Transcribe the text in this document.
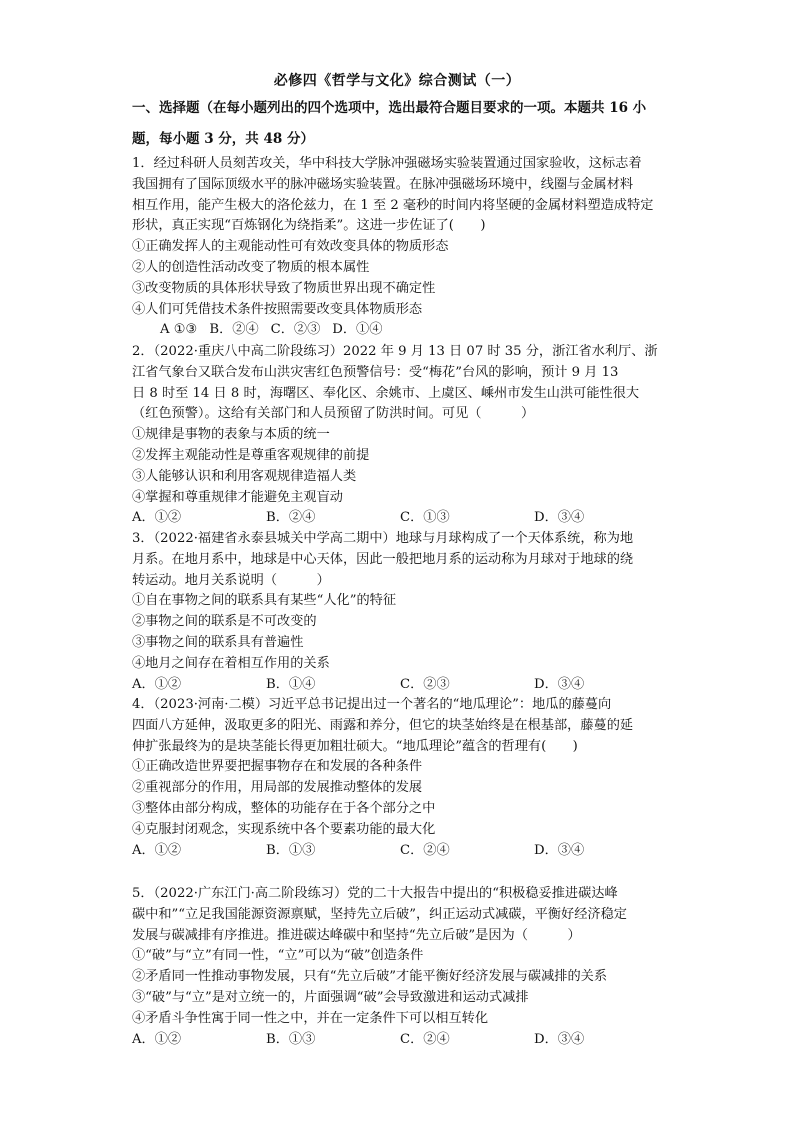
必修四《哲学与文化》综合测试（一）
一、选择题（在每小题列出的四个选项中，选出最符合题目要求的一项。本题共 16 小
题，每小题 3 分，共 48 分）

1．经过科研人员刻苦攻关，华中科技大学脉冲强磁场实验装置通过国家验收，这标志着

我国拥有了国际顶级水平的脉冲磁场实验装置。在脉冲强磁场环境中，线圈与金属材料

相互作用，能产生极大的洛伦兹力，在 1 至 2 毫秒的时间内将坚硬的金属材料塑造成特定

形状，真正实现“百炼钢化为绕指柔”。这进一步佐证了(　　)

①正确发挥人的主观能动性可有效改变具体的物质形态

②人的创造性活动改变了物质的根本属性

③改变物质的具体形状导致了物质世界出现不确定性

④人们可凭借技术条件按照需要改变具体物质形态

A ①③ B．②④ C．②③ D．①④

2．（2022·重庆八中高二阶段练习）2022 年 9 月 13 日 07 时 35 分，浙江省水利厅、浙

江省气象台又联合发布山洪灾害红色预警信号：受“梅花”台风的影响，预计 9 月 13

日 8 时至 14 日 8 时，海曙区、奉化区、余姚市、上虞区、嵊州市发生山洪可能性很大

（红色预警）。这给有关部门和人员预留了防洪时间。可见（　　　）

①规律是事物的表象与本质的统一

②发挥主观能动性是尊重客观规律的前提

③人能够认识和利用客观规律造福人类

④掌握和尊重规律才能避免主观盲动

A．①②	B．②④	C．①③	D．③④

3．（2022·福建省永泰县城关中学高二期中）地球与月球构成了一个天体系统，称为地

月系。在地月系中，地球是中心天体，因此一般把地月系的运动称为月球对于地球的绕

转运动。地月关系说明（　　　）

①自在事物之间的联系具有某些“人化”的特征

②事物之间的联系是不可改变的

③事物之间的联系具有普遍性

④地月之间存在着相互作用的关系

A．①②	B．①④	C．②③	D．③④

4．（2023·河南·二模）习近平总书记提出过一个著名的“地瓜理论”：地瓜的藤蔓向

四面八方延伸，汲取更多的阳光、雨露和养分，但它的块茎始终是在根基部，藤蔓的延

伸扩张最终为的是块茎能长得更加粗壮硕大。“地瓜理论”蕴含的哲理有(　　)

①正确改造世界要把握事物存在和发展的各种条件

②重视部分的作用，用局部的发展推动整体的发展

③整体由部分构成，整体的功能存在于各个部分之中

④克服封闭观念，实现系统中各个要素功能的最大化

A．①②	B．①③	C．②④	D．③④

5．（2022·广东江门·高二阶段练习）党的二十大报告中提出的“积极稳妥推进碳达峰

碳中和”“立足我国能源资源禀赋，坚持先立后破”，纠正运动式减碳，平衡好经济稳定

发展与碳减排有序推进。推进碳达峰碳中和坚持“先立后破”是因为（　　　）

①“破”与“立”有同一性，“立”可以为“破”创造条件

②矛盾同一性推动事物发展，只有“先立后破”才能平衡好经济发展与碳减排的关系

③“破”与“立”是对立统一的，片面强调“破”会导致激进和运动式减排

④矛盾斗争性寓于同一性之中，并在一定条件下可以相互转化

A．①②	B．①③	C．②④	D．③④
